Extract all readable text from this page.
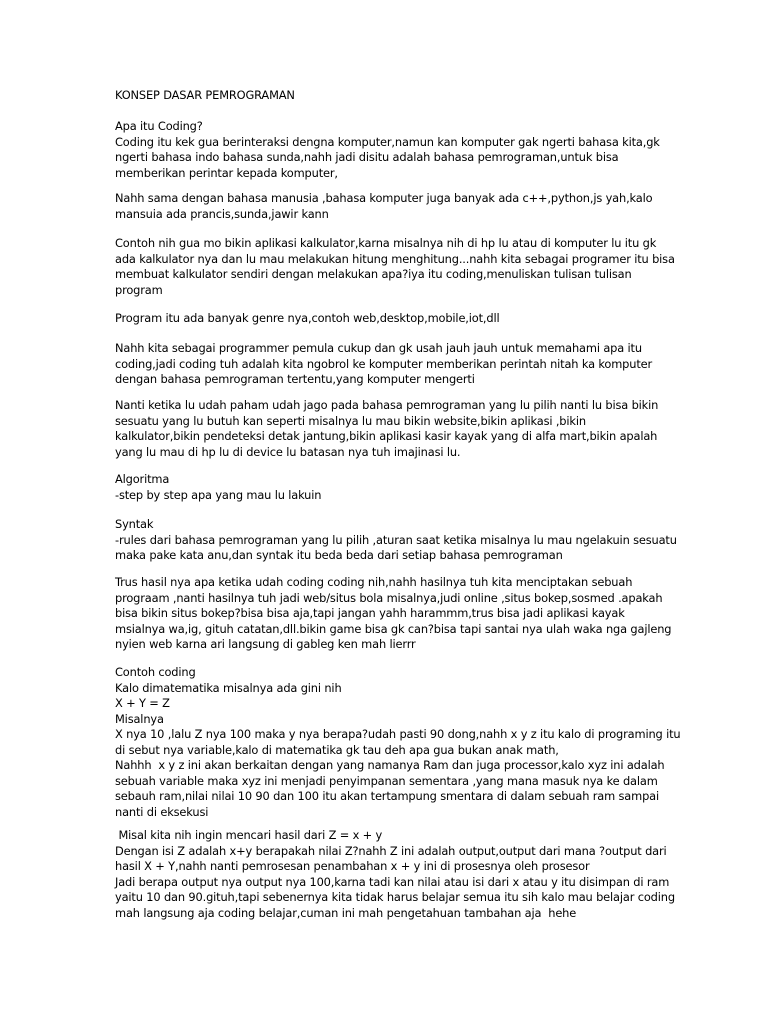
KONSEP DASAR PEMROGRAMAN

Apa itu Coding?
Coding itu kek gua berinteraksi dengna komputer,namun kan komputer gak ngerti bahasa kita,gk
ngerti bahasa indo bahasa sunda,nahh jadi disitu adalah bahasa pemrograman,untuk bisa
memberikan perintar kepada komputer,

Nahh sama dengan bahasa manusia ,bahasa komputer juga banyak ada c++,python,js yah,kalo
mansuia ada prancis,sunda,jawir kann

Contoh nih gua mo bikin aplikasi kalkulator,karna misalnya nih di hp lu atau di komputer lu itu gk
ada kalkulator nya dan lu mau melakukan hitung menghitung...nahh kita sebagai programer itu bisa
membuat kalkulator sendiri dengan melakukan apa?iya itu coding,menuliskan tulisan tulisan
program

Program itu ada banyak genre nya,contoh web,desktop,mobile,iot,dll

Nahh kita sebagai programmer pemula cukup dan gk usah jauh jauh untuk memahami apa itu
coding,jadi coding tuh adalah kita ngobrol ke komputer memberikan perintah nitah ka komputer
dengan bahasa pemrograman tertentu,yang komputer mengerti

Nanti ketika lu udah paham udah jago pada bahasa pemrograman yang lu pilih nanti lu bisa bikin
sesuatu yang lu butuh kan seperti misalnya lu mau bikin website,bikin aplikasi ,bikin
kalkulator,bikin pendeteksi detak jantung,bikin aplikasi kasir kayak yang di alfa mart,bikin apalah
yang lu mau di hp lu di device lu batasan nya tuh imajinasi lu.

Algoritma
-step by step apa yang mau lu lakuin

Syntak
-rules dari bahasa pemrograman yang lu pilih ,aturan saat ketika misalnya lu mau ngelakuin sesuatu
maka pake kata anu,dan syntak itu beda beda dari setiap bahasa pemrograman

Trus hasil nya apa ketika udah coding coding nih,nahh hasilnya tuh kita menciptakan sebuah
prograam ,nanti hasilnya tuh jadi web/situs bola misalnya,judi online ,situs bokep,sosmed .apakah
bisa bikin situs bokep?bisa bisa aja,tapi jangan yahh harammm,trus bisa jadi aplikasi kayak
msialnya wa,ig, gituh catatan,dll.bikin game bisa gk can?bisa tapi santai nya ulah waka nga gajleng
nyien web karna ari langsung di gableg ken mah lierrr

Contoh coding
Kalo dimatematika misalnya ada gini nih
X + Y = Z
Misalnya
X nya 10 ,lalu Z nya 100 maka y nya berapa?udah pasti 90 dong,nahh x y z itu kalo di programing itu
di sebut nya variable,kalo di matematika gk tau deh apa gua bukan anak math,
Nahhh  x y z ini akan berkaitan dengan yang namanya Ram dan juga processor,kalo xyz ini adalah
sebuah variable maka xyz ini menjadi penyimpanan sementara ,yang mana masuk nya ke dalam
sebauh ram,nilai nilai 10 90 dan 100 itu akan tertampung smentara di dalam sebuah ram sampai
nanti di eksekusi

Misal kita nih ingin mencari hasil dari Z = x + y
Dengan isi Z adalah x+y berapakah nilai Z?nahh Z ini adalah output,output dari mana ?output dari
hasil X + Y,nahh nanti pemrosesan penambahan x + y ini di prosesnya oleh prosesor
Jadi berapa output nya output nya 100,karna tadi kan nilai atau isi dari x atau y itu disimpan di ram
yaitu 10 dan 90.gituh,tapi sebenernya kita tidak harus belajar semua itu sih kalo mau belajar coding
mah langsung aja coding belajar,cuman ini mah pengetahuan tambahan aja  hehe
